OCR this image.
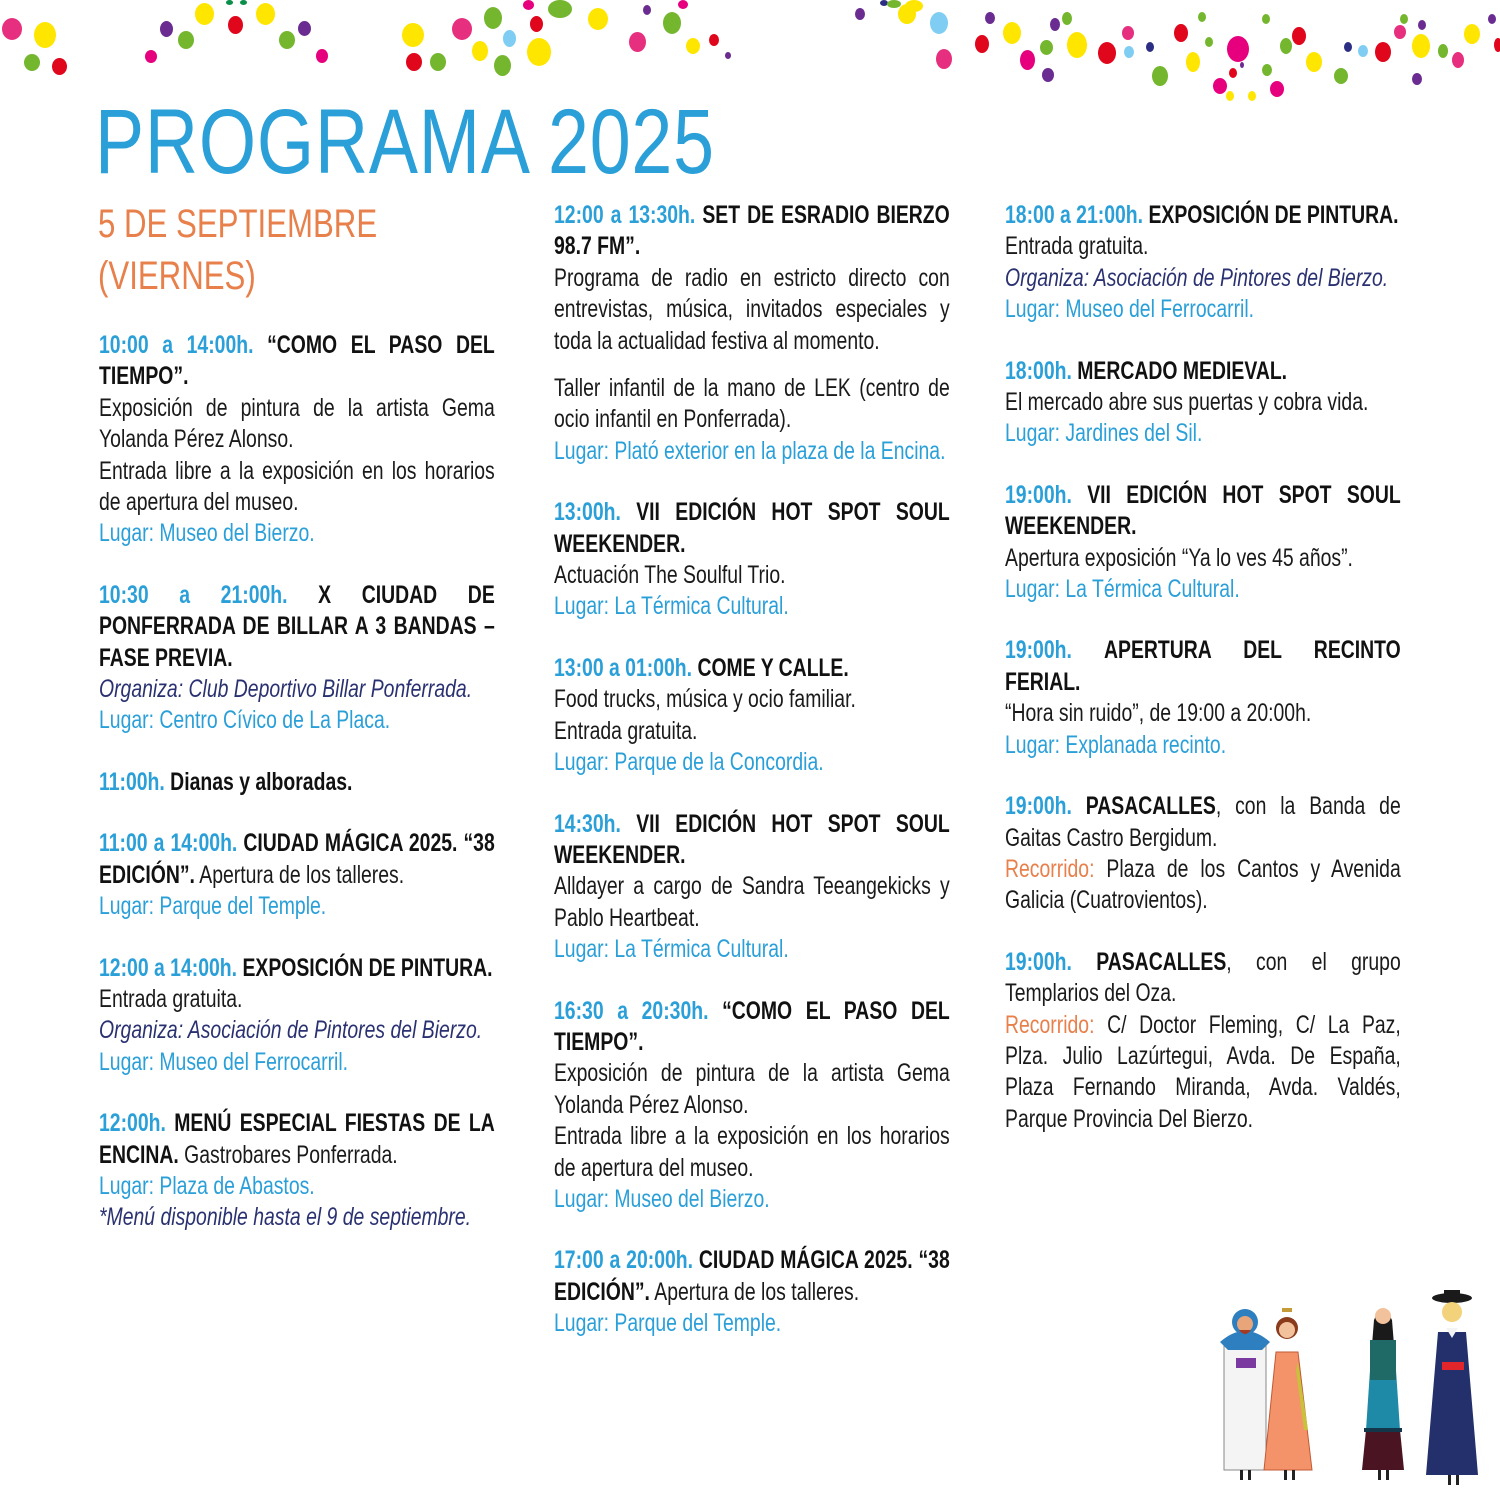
PROGRAMA 2025
5 DE SEPTIEMBRE
(VIERNES)

10:00 a 14:00h. “COMO EL PASO DEL TIEMPO”.

Exposición de pintura de la artista Gema Yolanda Pérez Alonso.

Entrada libre a la exposición en los horarios de apertura del museo.

Lugar: Museo del Bierzo.

10:30 a 21:00h. X CIUDAD DE PONFERRADA DE BILLAR A 3 BANDAS – FASE PREVIA.

Organiza: Club Deportivo Billar Ponferrada.

Lugar: Centro Cívico de La Placa.

11:00h. Dianas y alboradas.

11:00 a 14:00h. CIUDAD MÁGICA 2025. “38 EDICIÓN”. Apertura de los talleres.

Lugar: Parque del Temple.

12:00 a 14:00h. EXPOSICIÓN DE PINTURA.

Entrada gratuita.

Organiza: Asociación de Pintores del Bierzo.

Lugar: Museo del Ferrocarril.

12:00h. MENÚ ESPECIAL FIESTAS DE LA ENCINA. Gastrobares Ponferrada.

Lugar: Plaza de Abastos.

*Menú disponible hasta el 9 de septiembre.

12:00 a 13:30h. SET DE ESRADIO BIERZO 98.7 FM”.

Programa de radio en estricto directo con entrevistas, música, invitados especiales y toda la actualidad festiva al momento.

Taller infantil de la mano de LEK (centro de ocio infantil en Ponferrada).

Lugar: Plató exterior en la plaza de la Encina.

13:00h. VII EDICIÓN HOT SPOT SOUL WEEKENDER.

Actuación The Soulful Trio.

Lugar: La Térmica Cultural.

13:00 a 01:00h. COME Y CALLE.

Food trucks, música y ocio familiar.

Entrada gratuita.

Lugar: Parque de la Concordia.

14:30h. VII EDICIÓN HOT SPOT SOUL WEEKENDER.

Alldayer a cargo de Sandra Teeangekicks y Pablo Heartbeat.

Lugar: La Térmica Cultural.

16:30 a 20:30h. “COMO EL PASO DEL TIEMPO”.

Exposición de pintura de la artista Gema Yolanda Pérez Alonso.

Entrada libre a la exposición en los horarios de apertura del museo.

Lugar: Museo del Bierzo.

17:00 a 20:00h. CIUDAD MÁGICA 2025. “38 EDICIÓN”. Apertura de los talleres.

Lugar: Parque del Temple.

18:00 a 21:00h. EXPOSICIÓN DE PINTURA.

Entrada gratuita.

Organiza: Asociación de Pintores del Bierzo.

Lugar: Museo del Ferrocarril.

18:00h. MERCADO MEDIEVAL.

El mercado abre sus puertas y cobra vida.

Lugar: Jardines del Sil.

19:00h. VII EDICIÓN HOT SPOT SOUL WEEKENDER.

Apertura exposición “Ya lo ves 45 años”.

Lugar: La Térmica Cultural.

19:00h. APERTURA DEL RECINTO FERIAL.

“Hora sin ruido”, de 19:00 a 20:00h.

Lugar: Explanada recinto.

19:00h. PASACALLES, con la Banda de Gaitas Castro Bergidum.

Recorrido: Plaza de los Cantos y Avenida Galicia (Cuatrovientos).

19:00h. PASACALLES, con el grupo Templarios del Oza.

Recorrido: C/ Doctor Fleming, C/ La Paz, Plza. Julio Lazúrtegui, Avda. De España, Plaza Fernando Miranda, Avda. Valdés, Parque Provincia Del Bierzo.
